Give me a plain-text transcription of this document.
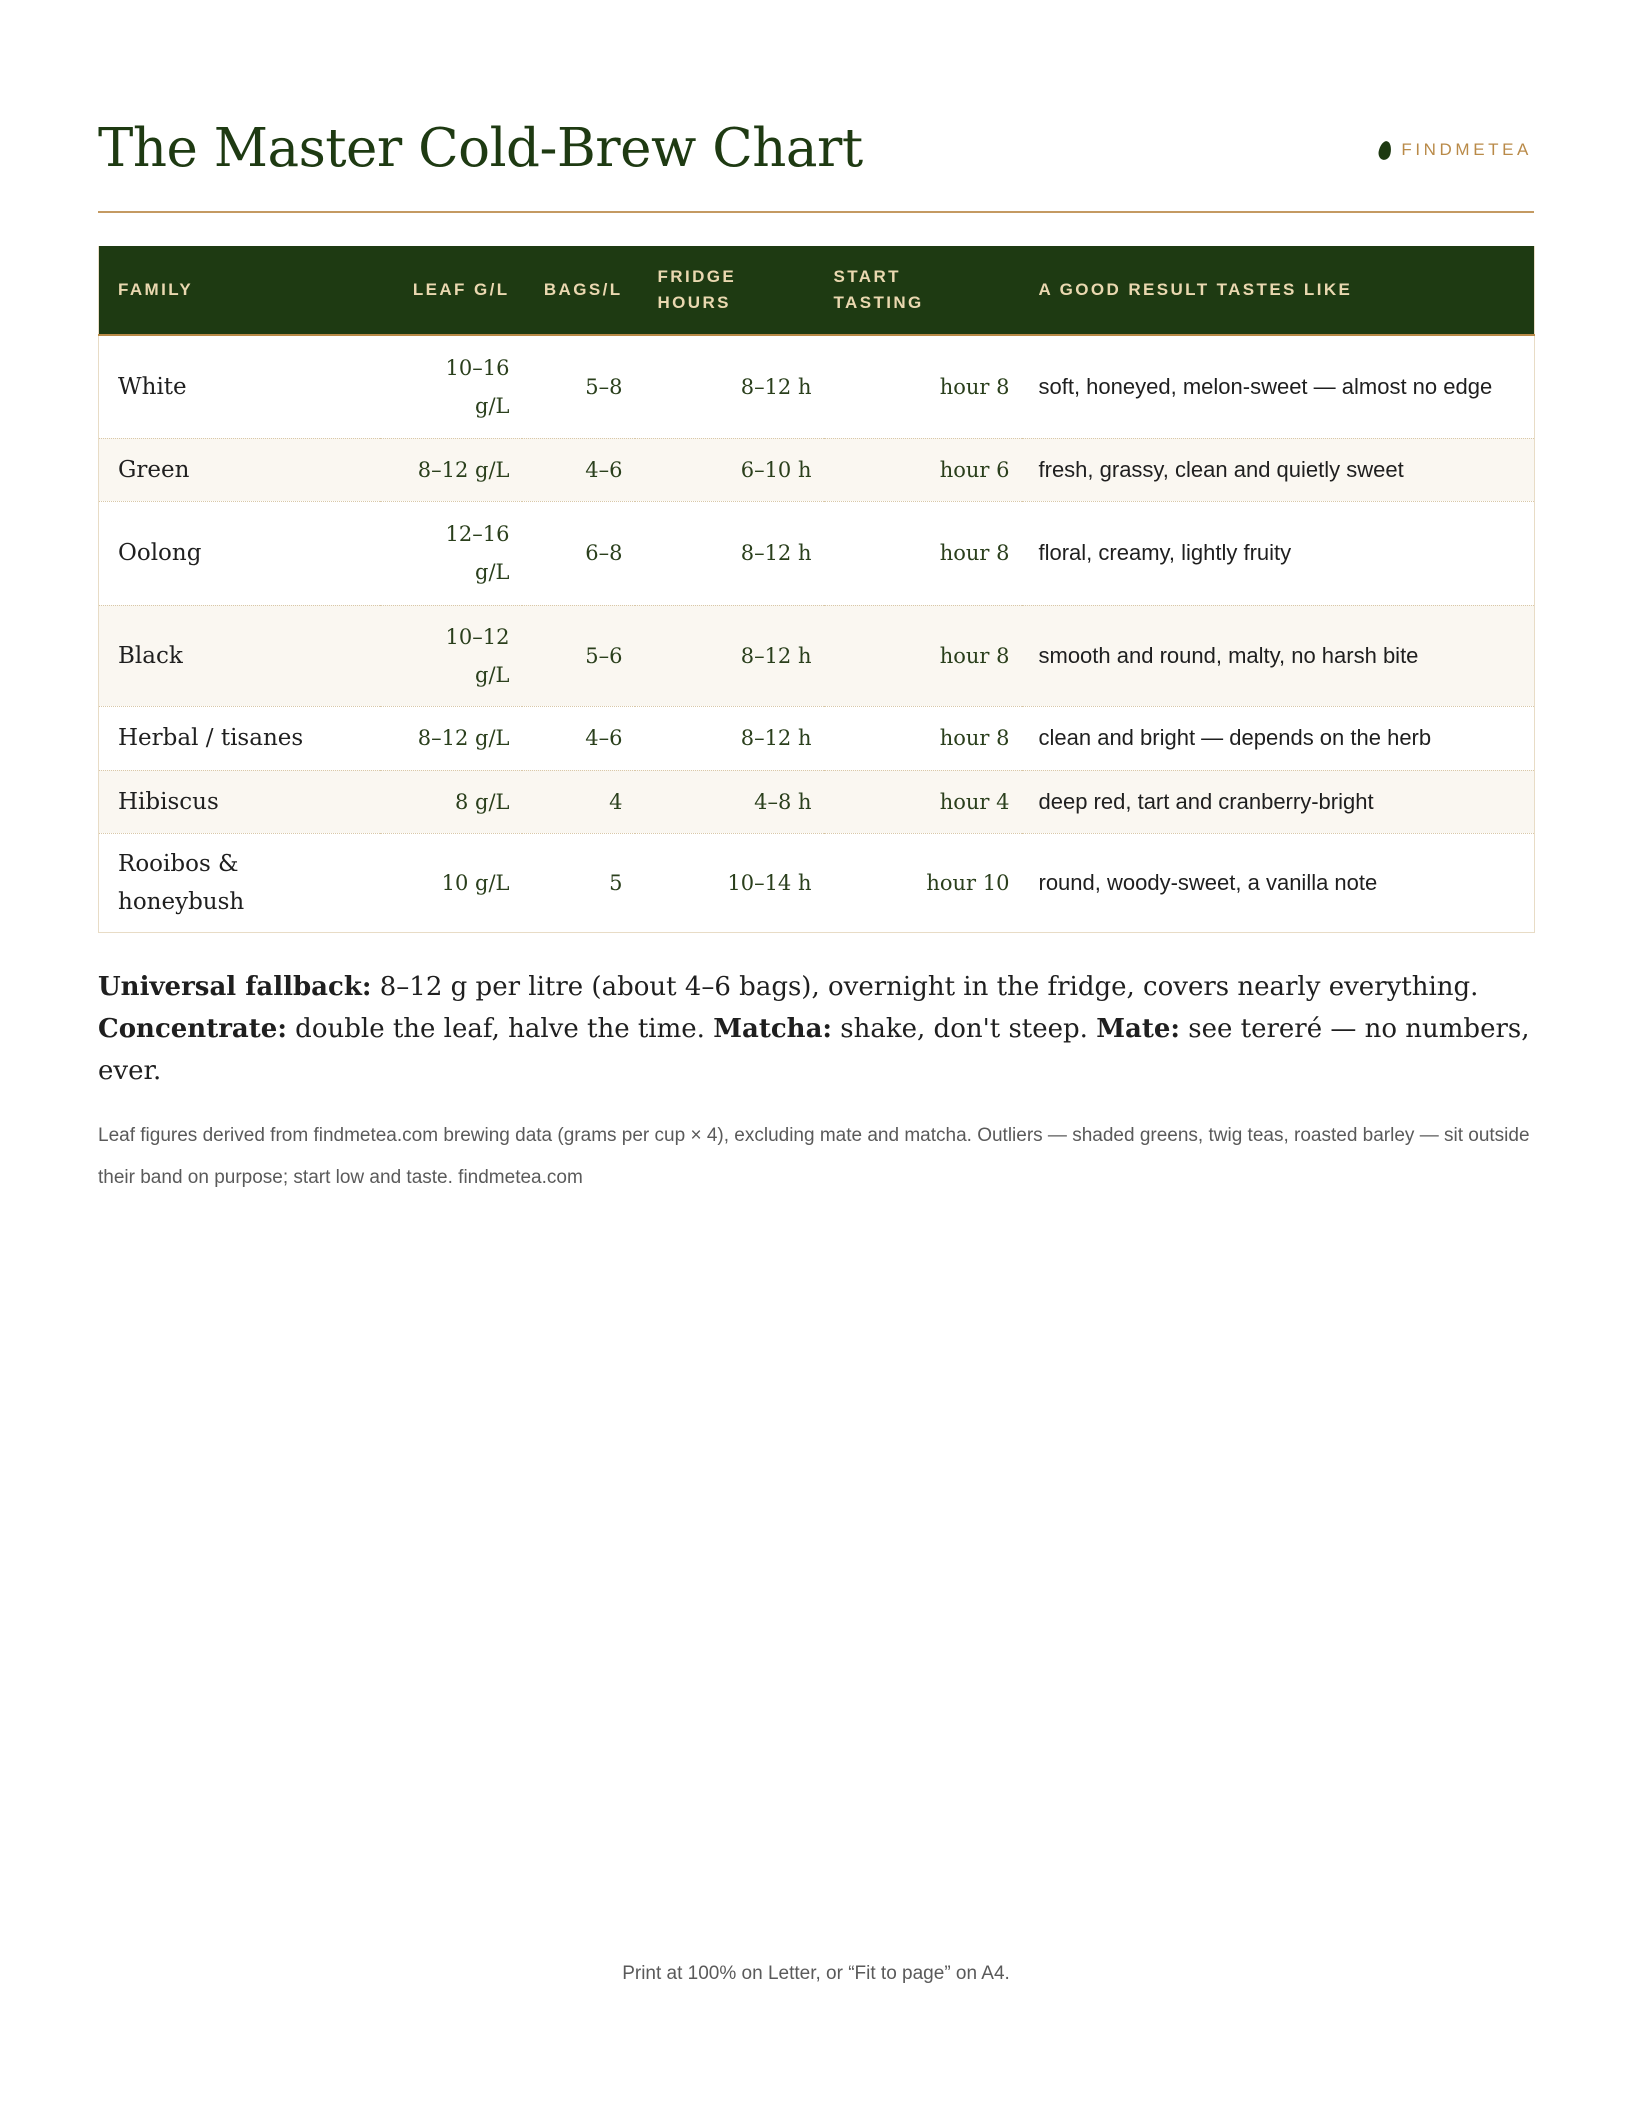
The Master Cold-Brew Chart	FINDMETEA
FAMILY	LEAF G/L	BAGS/L	FRIDGE HOURS	START TASTING	A GOOD RESULT TASTES LIKE
White	10–16 g/L	5–8	8–12 h	hour 8	soft, honeyed, melon-sweet — almost no edge
Green	8–12 g/L	4–6	6–10 h	hour 6	fresh, grassy, clean and quietly sweet
Oolong	12–16 g/L	6–8	8–12 h	hour 8	floral, creamy, lightly fruity
Black	10–12 g/L	5–6	8–12 h	hour 8	smooth and round, malty, no harsh bite
Herbal / tisanes	8–12 g/L	4–6	8–12 h	hour 8	clean and bright — depends on the herb
Hibiscus	8 g/L	4	4–8 h	hour 4	deep red, tart and cranberry-bright
Rooibos & honeybush	10 g/L	5	10–14 h	hour 10	round, woody-sweet, a vanilla note

Universal fallback: 8–12 g per litre (about 4–6 bags), overnight in the fridge, covers nearly everything.
Concentrate: double the leaf, halve the time. Matcha: shake, don't steep. Mate: see tereré — no numbers, ever.

Leaf figures derived from findmetea.com brewing data (grams per cup × 4), excluding mate and matcha. Outliers — shaded greens, twig teas, roasted barley — sit outside their band on purpose; start low and taste. findmetea.com

Print at 100% on Letter, or “Fit to page” on A4.
